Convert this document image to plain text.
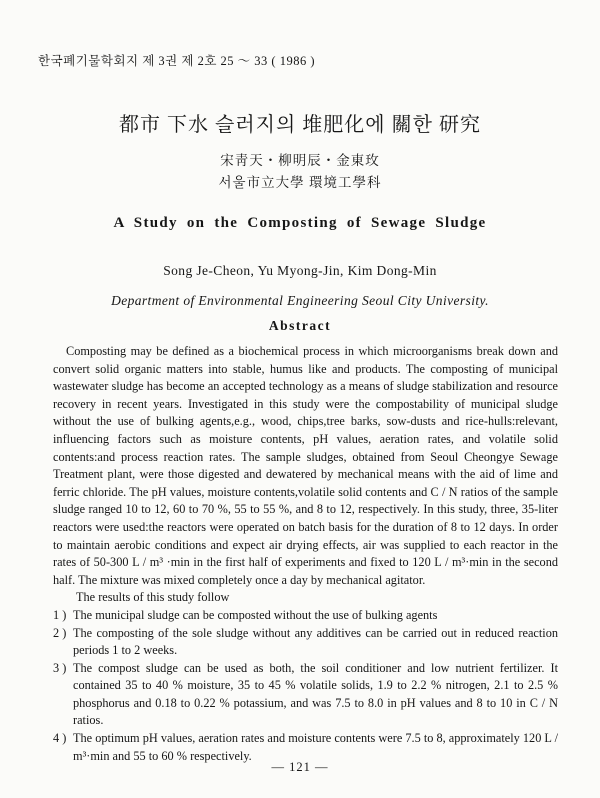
한국폐기물학회지 제 3권 제 2호 25 ～ 33 ( 1986 )
都市 下水 슬러지의 堆肥化에 關한 研究
宋靑天・柳明辰・金東玫
서울市立大學 環境工學科
A Study on the Composting of Sewage Sludge
Song Je-Cheon, Yu Myong-Jin, Kim Dong-Min
Department of Environmental Engineering Seoul City University.
Abstract

Composting may be defined as a biochemical process in which microorganisms break down and convert solid organic matters into stable, humus like and products. The composting of municipal wastewater sludge has become an accepted technology as a means of sludge stabilization and resource recovery in recent years. Investigated in this study were the compostability of municipal sludge without the use of bulking agents,e.g., wood, chips,tree barks, sow-dusts and rice-hulls:relevant, influencing factors such as moisture contents, pH values, aeration rates, and volatile solid contents:and process reaction rates. The sample sludges, obtained from Seoul Cheongye Sewage Treatment plant, were those digested and dewatered by mechanical means with the aid of lime and ferric chloride. The pH values, moisture contents,volatile solid contents and C / N ratios of the sample sludge ranged 10 to 12, 60 to 70 %, 55 to 55 %, and 8 to 12, respectively. In this study, three, 35-liter reactors were used:the reactors were operated on batch basis for the duration of 8 to 12 days. In order to maintain aerobic conditions and expect air drying effects, air was supplied to each reactor in the rates of 50-300 L / m³ ·min in the first half of experiments and fixed to 120 L / m³·min in the second half. The mixture was mixed completely once a day by mechanical agitator.

The results of this study follow

1 ) The municipal sludge can be composted without the use of bulking agents
2 ) The composting of the sole sludge without any additives can be carried out in reduced reaction periods 1 to 2 weeks.
3 ) The compost sludge can be used as both, the soil conditioner and low nutrient fertilizer. It contained 35 to 40 % moisture, 35 to 45 % volatile solids, 1.9 to 2.2 % nitrogen, 2.1 to 2.5 % phosphorus and 0.18 to 0.22 % potassium, and was 7.5 to 8.0 in pH values and 8 to 10 in C / N ratios.
4 ) The optimum pH values, aeration rates and moisture contents were 7.5 to 8, approximately 120 L / m³·min and 55 to 60 % respectively.
— 121 —
